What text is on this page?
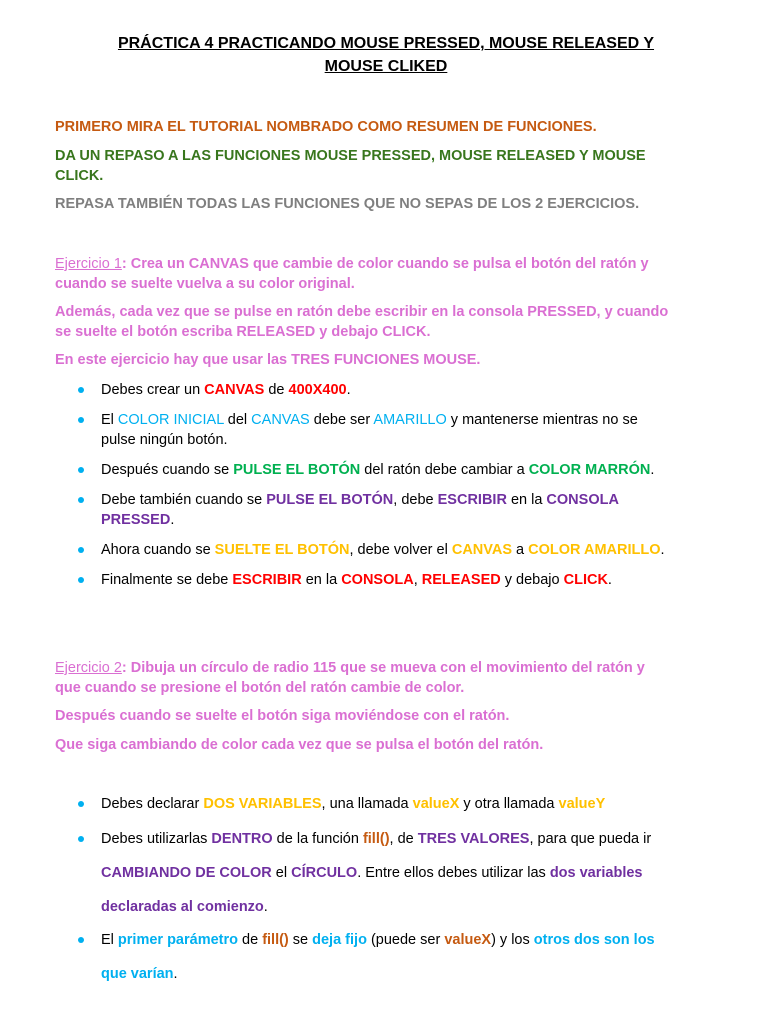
PRÁCTICA 4 PRACTICANDO MOUSE PRESSED, MOUSE RELEASED Y
MOUSE CLIKED

PRIMERO MIRA EL TUTORIAL NOMBRADO COMO RESUMEN DE FUNCIONES.

DA UN REPASO A LAS FUNCIONES MOUSE PRESSED, MOUSE RELEASED Y MOUSE
CLICK.

REPASA TAMBIÉN TODAS LAS FUNCIONES QUE NO SEPAS DE LOS 2 EJERCICIOS.

Ejercicio 1: Crea un CANVAS que cambie de color cuando se pulsa el botón del ratón y
cuando se suelte vuelva a su color original.

Además, cada vez que se pulse en ratón debe escribir en la consola PRESSED, y cuando
se suelte el botón escriba RELEASED y debajo CLICK.

En este ejercicio hay que usar las TRES FUNCIONES MOUSE.

Debes crear un CANVAS de 400X400.
El COLOR INICIAL del CANVAS debe ser AMARILLO y mantenerse mientras no se
pulse ningún botón.
Después cuando se PULSE EL BOTÓN del ratón debe cambiar a COLOR MARRÓN.
Debe también cuando se PULSE EL BOTÓN, debe ESCRIBIR en la CONSOLA
PRESSED.
Ahora cuando se SUELTE EL BOTÓN, debe volver el CANVAS a COLOR AMARILLO.
Finalmente se debe ESCRIBIR en la CONSOLA, RELEASED y debajo CLICK.

Ejercicio 2: Dibuja un círculo de radio 115 que se mueva con el movimiento del ratón y
que cuando se presione el botón del ratón cambie de color.

Después cuando se suelte el botón siga moviéndose con el ratón.

Que siga cambiando de color cada vez que se pulsa el botón del ratón.

Debes declarar DOS VARIABLES, una llamada valueX y otra llamada valueY
Debes utilizarlas DENTRO de la función fill(), de TRES VALORES, para que pueda ir
CAMBIANDO DE COLOR el CÍRCULO. Entre ellos debes utilizar las dos variables
declaradas al comienzo.
El primer parámetro de fill() se deja fijo (puede ser valueX) y los otros dos son los
que varían.
